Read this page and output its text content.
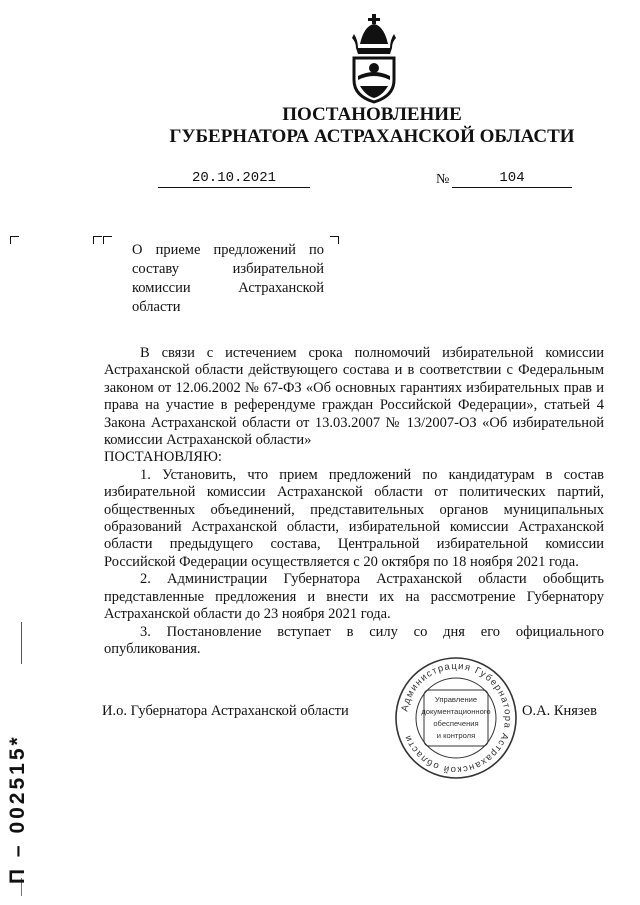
ПОСТАНОВЛЕНИЕ
ГУБЕРНАТОРА АСТРАХАНСКОЙ ОБЛАСТИ
20.10.2021	№	104
О приеме предложений по составу избирательной комиссии Астраханской области

В связи с истечением срока полномочий избирательной комиссии Астраханской области действующего состава и в соответствии с Федеральным законом от 12.06.2002 № 67-ФЗ «Об основных гарантиях избирательных прав и права на участие в референдуме граждан Российской Федерации», статьей 4 Закона Астраханской области от 13.03.2007 № 13/2007-ОЗ «Об избирательной комиссии Астраханской области»

ПОСТАНОВЛЯЮ:

1. Установить, что прием предложений по кандидатурам в состав избирательной комиссии Астраханской области от политических партий, общественных объединений, представительных органов муниципальных образований Астраханской области, избирательной комиссии Астраханской области предыдущего состава, Центральной избирательной комиссии Российской Федерации осуществляется с 20 октября по 18 ноября 2021 года.

2. Администрации Губернатора Астраханской области обобщить представленные предложения и внести их на рассмотрение Губернатору Астраханской области до 23 ноября 2021 года.

3. Постановление вступает в силу со дня его официального опубликования.

И.о. Губернатора Астраханской области	О.А. Князев
Администрация Губернатора Астраханской области
Управление
документационного
обеспечения
и контроля
П – 002515*
